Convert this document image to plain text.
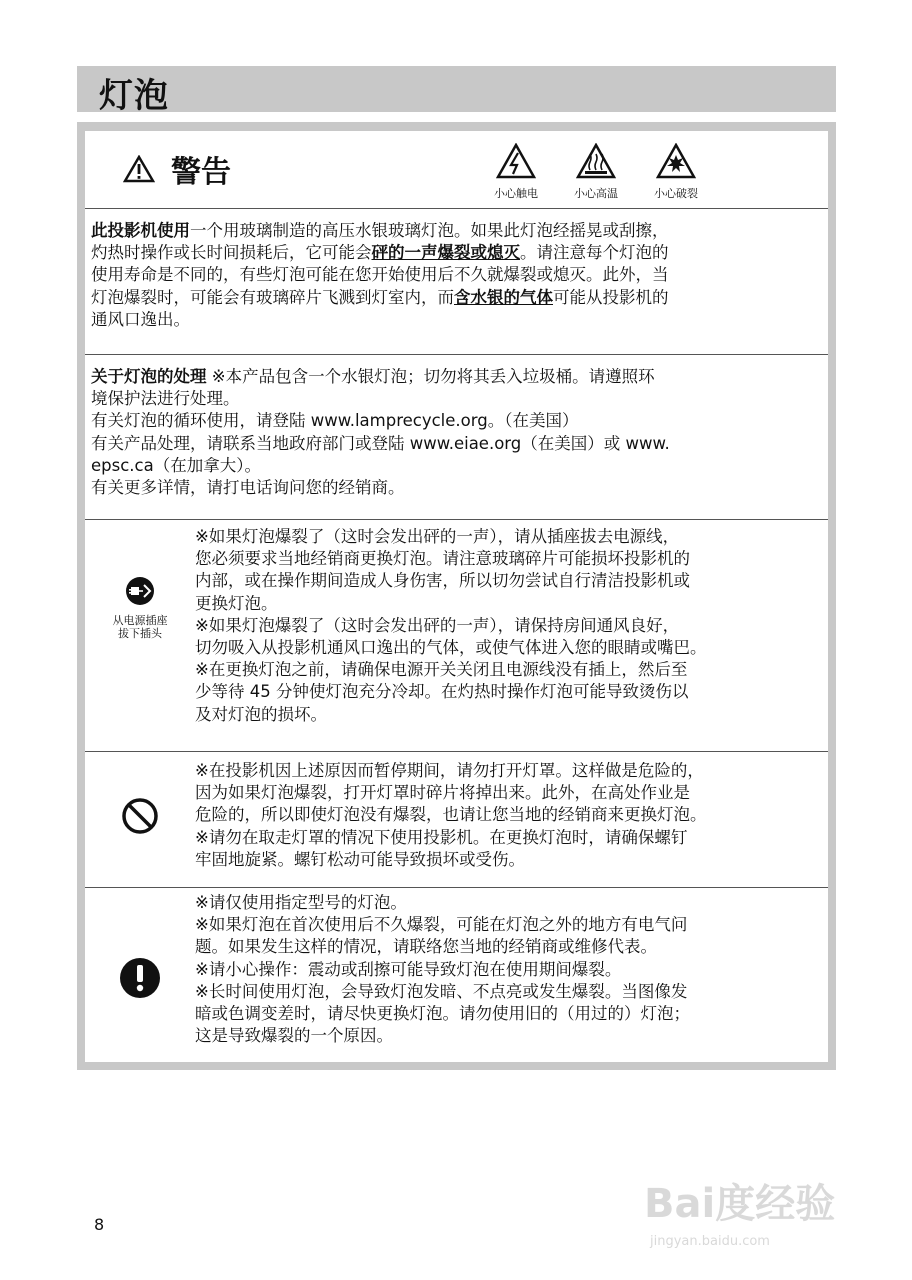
灯泡
警告
小心触电	小心高温	小心破裂
此投影机使用一个用玻璃制造的高压水银玻璃灯泡。如果此灯泡经摇晃或刮擦，
灼热时操作或长时间损耗后，它可能会砰的一声爆裂或熄灭。请注意每个灯泡的
使用寿命是不同的，有些灯泡可能在您开始使用后不久就爆裂或熄灭。此外，当
灯泡爆裂时，可能会有玻璃碎片飞溅到灯室内，而含水银的气体可能从投影机的
通风口逸出。
关于灯泡的处理 ※本产品包含一个水银灯泡；切勿将其丢入垃圾桶。请遵照环
境保护法进行处理。
有关灯泡的循环使用，请登陆 www.lamprecycle.org。（在美国）
有关产品处理，请联系当地政府部门或登陆 www.eiae.org（在美国）或 www.
epsc.ca（在加拿大）。
有关更多详情，请打电话询问您的经销商。
从电源插座
拔下插头
※如果灯泡爆裂了（这时会发出砰的一声），请从插座拔去电源线，
您必须要求当地经销商更换灯泡。请注意玻璃碎片可能损坏投影机的
内部，或在操作期间造成人身伤害，所以切勿尝试自行清洁投影机或
更换灯泡。
※如果灯泡爆裂了（这时会发出砰的一声），请保持房间通风良好，
切勿吸入从投影机通风口逸出的气体，或使气体进入您的眼睛或嘴巴。
※在更换灯泡之前，请确保电源开关关闭且电源线没有插上，然后至
少等待 45 分钟使灯泡充分冷却。在灼热时操作灯泡可能导致烫伤以
及对灯泡的损坏。
※在投影机因上述原因而暂停期间，请勿打开灯罩。这样做是危险的，
因为如果灯泡爆裂，打开灯罩时碎片将掉出来。此外，在高处作业是
危险的，所以即使灯泡没有爆裂，也请让您当地的经销商来更换灯泡。
※请勿在取走灯罩的情况下使用投影机。在更换灯泡时，请确保螺钉
牢固地旋紧。螺钉松动可能导致损坏或受伤。
※请仅使用指定型号的灯泡。
※如果灯泡在首次使用后不久爆裂，可能在灯泡之外的地方有电气问
题。如果发生这样的情况，请联络您当地的经销商或维修代表。
※请小心操作：震动或刮擦可能导致灯泡在使用期间爆裂。
※长时间使用灯泡，会导致灯泡发暗、不点亮或发生爆裂。当图像发
暗或色调变差时，请尽快更换灯泡。请勿使用旧的（用过的）灯泡；
这是导致爆裂的一个原因。
8	Bai度经验
jingyan.baidu.com
